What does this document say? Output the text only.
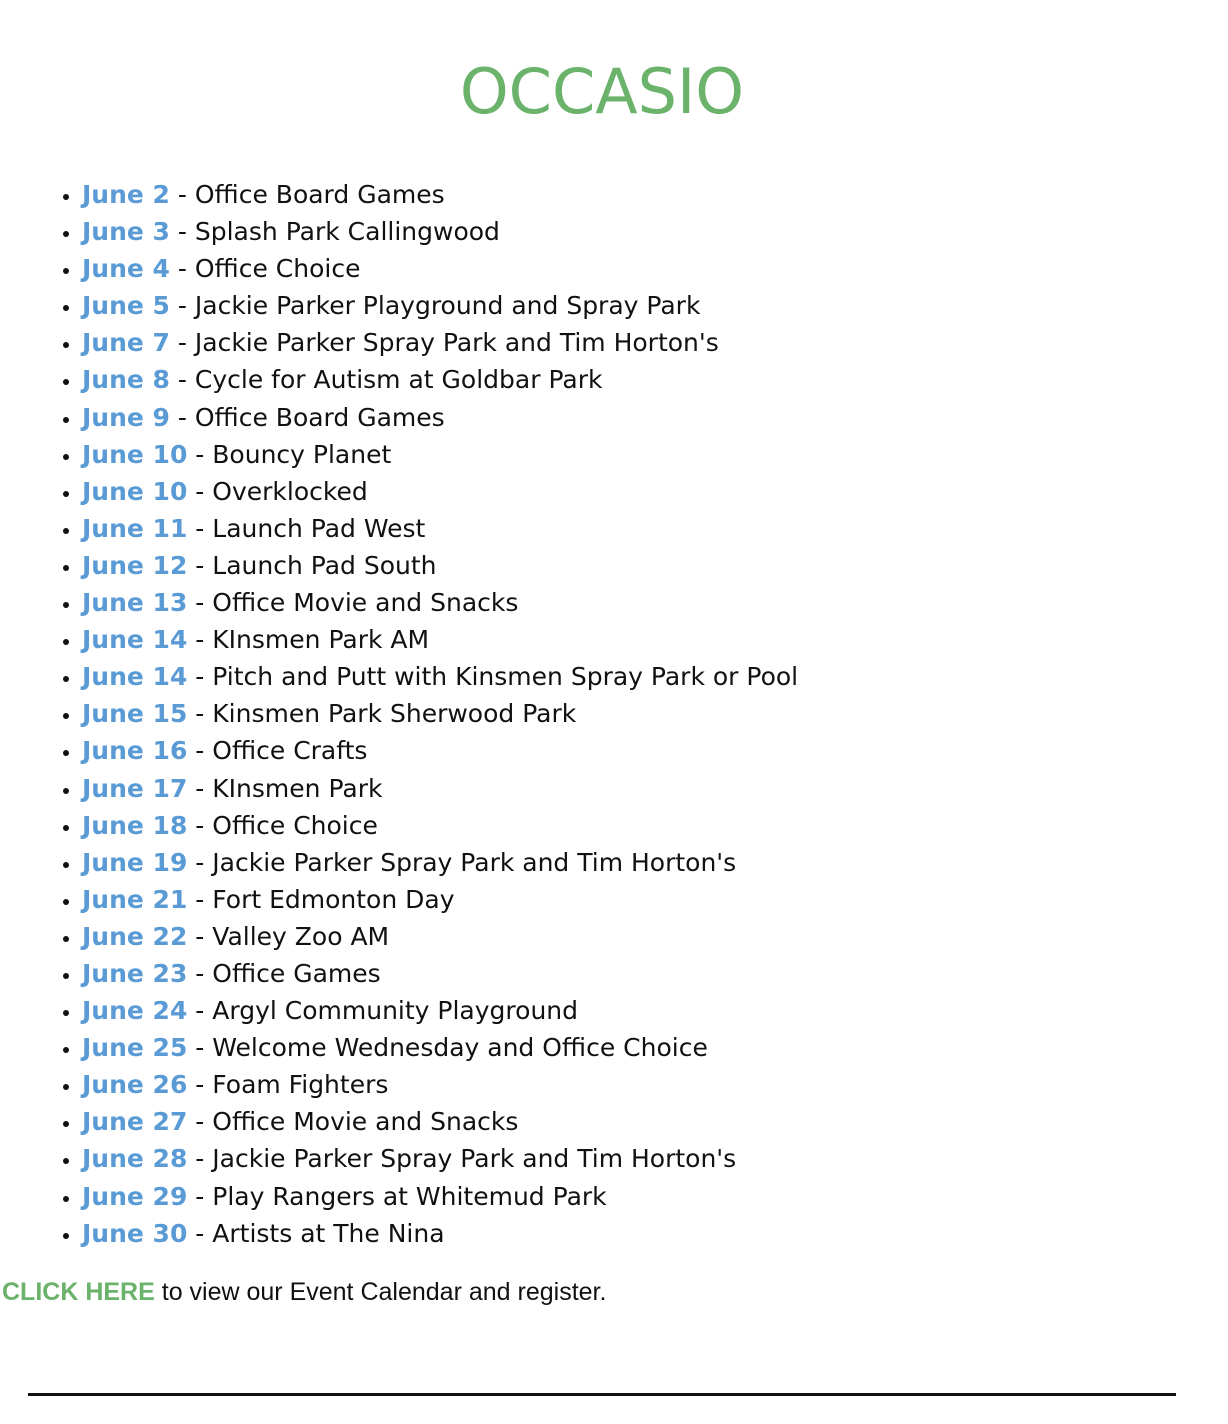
OCCASIO
• June 2 - Office Board Games
• June 3 - Splash Park Callingwood
• June 4 - Office Choice
• June 5 - Jackie Parker Playground and Spray Park
• June 7 - Jackie Parker Spray Park and Tim Horton's
• June 8 - Cycle for Autism at Goldbar Park
• June 9 - Office Board Games
• June 10 - Bouncy Planet
• June 10 - Overklocked
• June 11 - Launch Pad West
• June 12 - Launch Pad South
• June 13 - Office Movie and Snacks
• June 14 - KInsmen Park AM
• June 14 - Pitch and Putt with Kinsmen Spray Park or Pool
• June 15 - Kinsmen Park Sherwood Park
• June 16 - Office Crafts
• June 17 - KInsmen Park
• June 18 - Office Choice
• June 19 - Jackie Parker Spray Park and Tim Horton's
• June 21 - Fort Edmonton Day
• June 22 - Valley Zoo AM
• June 23 - Office Games
• June 24 - Argyl Community Playground
• June 25 - Welcome Wednesday and Office Choice
• June 26 - Foam Fighters
• June 27 - Office Movie and Snacks
• June 28 - Jackie Parker Spray Park and Tim Horton's
• June 29 - Play Rangers at Whitemud Park
• June 30 - Artists at The Nina

CLICK HERE to view our Event Calendar and register.
